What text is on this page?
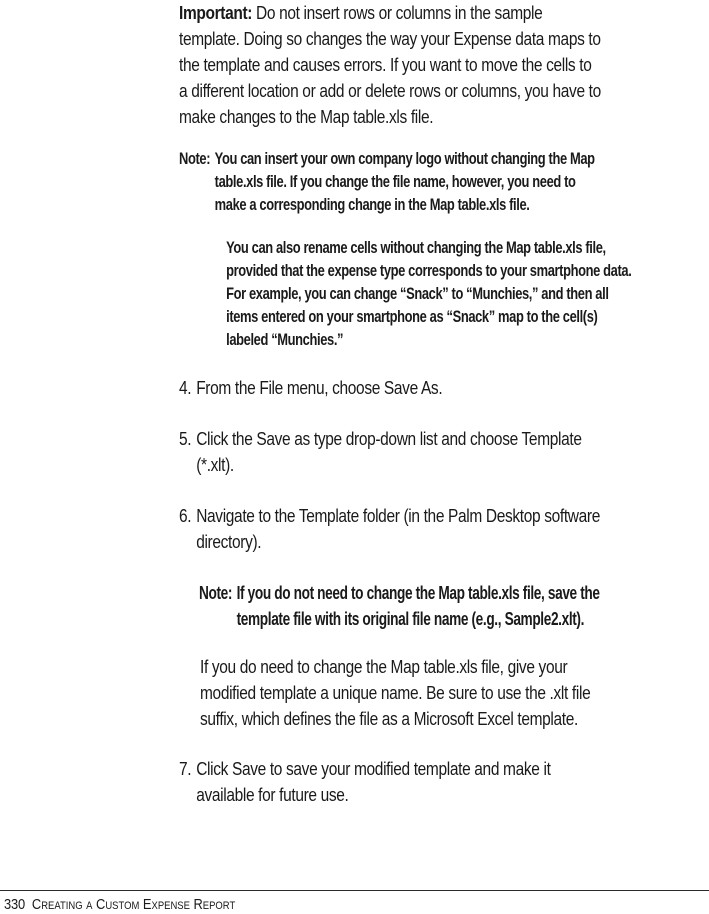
Important: Do not insert rows or columns in the sample
template. Doing so changes the way your Expense data maps to
the template and causes errors. If you want to move the cells to
a different location or add or delete rows or columns, you have to
make changes to the Map table.xls file.

Note: You can insert your own company logo without changing the Map
table.xls file. If you change the file name, however, you need to
make a corresponding change in the Map table.xls file.
You can also rename cells without changing the Map table.xls file,
provided that the expense type corresponds to your smartphone data.
For example, you can change “Snack” to “Munchies,” and then all
items entered on your smartphone as “Snack” map to the cell(s)
labeled “Munchies.”
4. From the File menu, choose Save As.
5. Click the Save as type drop-down list and choose Template
(*.xlt).
6. Navigate to the Template folder (in the Palm Desktop software
directory).
Note: If you do not need to change the Map table.xls file, save the
template file with its original file name (e.g., Sample2.xlt).

If you do need to change the Map table.xls file, give your
modified template a unique name. Be sure to use the .xlt file
suffix, which defines the file as a Microsoft Excel template.

7. Click Save to save your modified template and make it
available for future use.
330 Creating a Custom Expense Report
